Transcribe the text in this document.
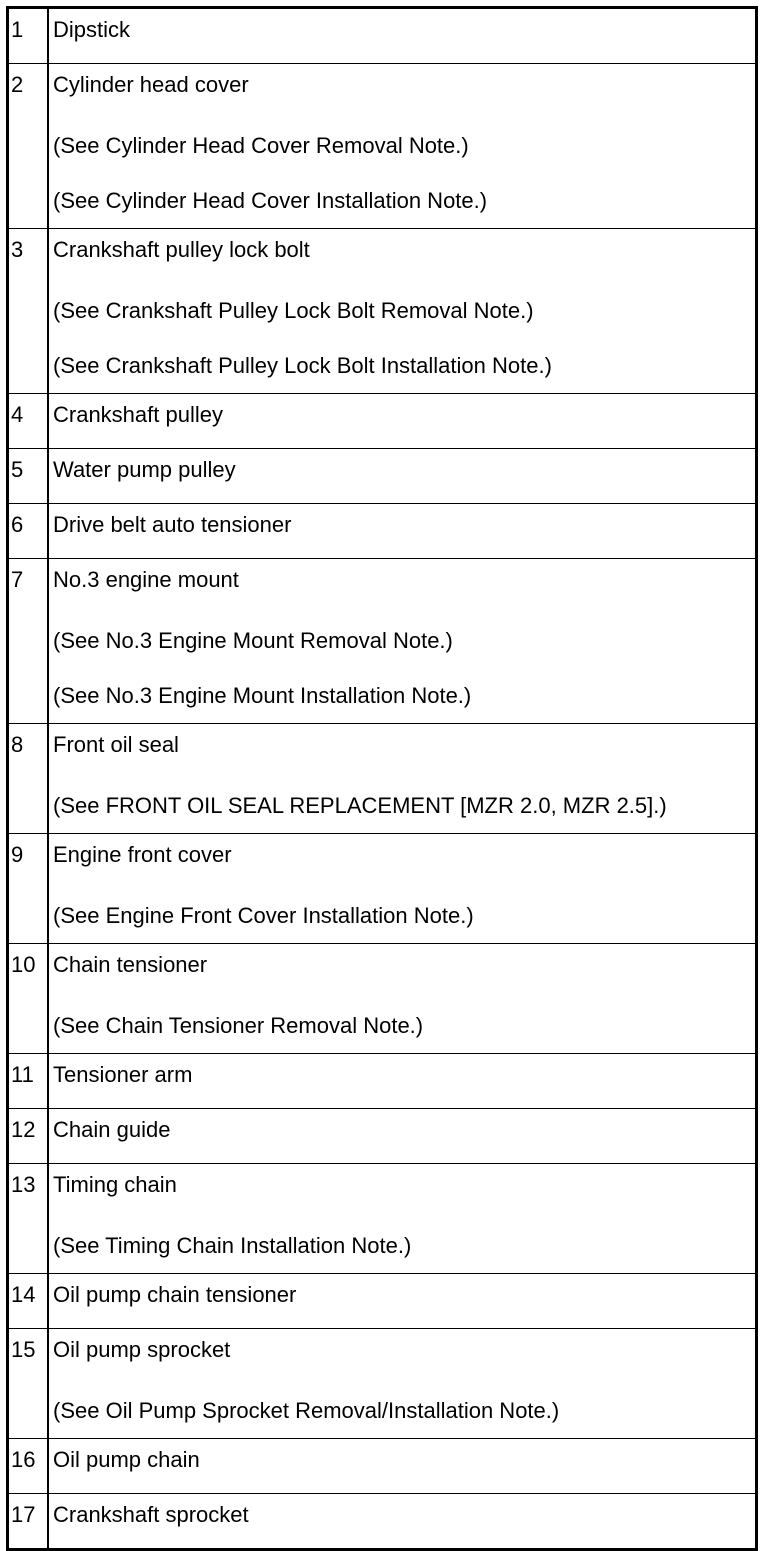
1	Dipstick

2	Cylinder head cover
(See Cylinder Head Cover Removal Note.)
(See Cylinder Head Cover Installation Note.)

3	Crankshaft pulley lock bolt
(See Crankshaft Pulley Lock Bolt Removal Note.)
(See Crankshaft Pulley Lock Bolt Installation Note.)

4	Crankshaft pulley

5	Water pump pulley

6	Drive belt auto tensioner

7	No.3 engine mount
(See No.3 Engine Mount Removal Note.)
(See No.3 Engine Mount Installation Note.)

8	Front oil seal
(See FRONT OIL SEAL REPLACEMENT [MZR 2.0, MZR 2.5].)

9	Engine front cover
(See Engine Front Cover Installation Note.)

10	Chain tensioner
(See Chain Tensioner Removal Note.)

11	Tensioner arm

12	Chain guide

13	Timing chain
(See Timing Chain Installation Note.)

14	Oil pump chain tensioner

15	Oil pump sprocket
(See Oil Pump Sprocket Removal/Installation Note.)

16	Oil pump chain

17	Crankshaft sprocket
